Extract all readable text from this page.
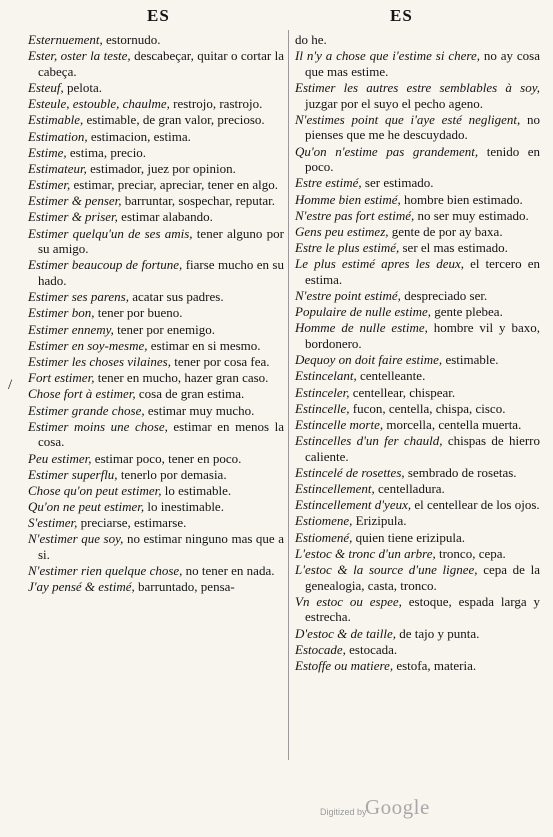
ES	ES
/

Esternuement, estornudo.

Ester, oster la teste, descabeçar, quitar o cortar la cabeça.

Esteuf, pelota.

Esteule, estouble, chaulme, restrojo, rastrojo.

Estimable, estimable, de gran valor, precioso.

Estimation, estimacion, estima.

Estime, estima, precio.

Estimateur, estimador, juez por opinion.

Estimer, estimar, preciar, apreciar, tener en algo.

Estimer & penser, barruntar, sospechar, reputar.

Estimer & priser, estimar alabando.

Estimer quelqu'un de ses amis, tener alguno por su amigo.

Estimer beaucoup de fortune, fiarse mucho en su hado.

Estimer ses parens, acatar sus padres.

Estimer bon, tener por bueno.

Estimer ennemy, tener por enemigo.

Estimer en soy-mesme, estimar en si mesmo.

Estimer les choses vilaines, tener por cosa fea.

Fort estimer, tener en mucho, hazer gran caso.

Chose fort à estimer, cosa de gran estima.

Estimer grande chose, estimar muy mucho.

Estimer moins une chose, estimar en menos la cosa.

Peu estimer, estimar poco, tener en poco.

Estimer superflu, tenerlo por demasia.

Chose qu'on peut estimer, lo estimable.

Qu'on ne peut estimer, lo inestimable.

S'estimer, preciarse, estimarse.

N'estimer que soy, no estimar ninguno mas que a si.

N'estimer rien quelque chose, no tener en nada.

J'ay pensé & estimé, barruntado, pensa-

do he.

Il n'y a chose que i'estime si chere, no ay cosa que mas estime.

Estimer les autres estre semblables à soy, juzgar por el suyo el pecho ageno.

N'estimes point que i'aye esté negligent, no pienses que me he descuydado.

Qu'on n'estime pas grandement, tenido en poco.

Estre estimé, ser estimado.

Homme bien estimé, hombre bien estimado.

N'estre pas fort estimé, no ser muy estimado.

Gens peu estimez, gente de por ay baxa.

Estre le plus estimé, ser el mas estimado.

Le plus estimé apres les deux, el tercero en estima.

N'estre point estimé, despreciado ser.

Populaire de nulle estime, gente plebea.

Homme de nulle estime, hombre vil y baxo, bordonero.

Dequoy on doit faire estime, estimable.

Estincelant, centelleante.

Estinceler, centellear, chispear.

Estincelle, fucon, centella, chispa, cisco.

Estincelle morte, morcella, centella muerta.

Estincelles d'un fer chauld, chispas de hierro caliente.

Estincelé de rosettes, sembrado de rosetas.

Estincellement, centelladura.

Estincellement d'yeux, el centellear de los ojos.

Estiomene, Erizipula.

Estiomené, quien tiene erizipula.

L'estoc & tronc d'un arbre, tronco, cepa.

L'estoc & la source d'une lignee, cepa de la genealogia, casta, tronco.

Vn estoc ou espee, estoque, espada larga y estrecha.

D'estoc & de taille, de tajo y punta.

Estocade, estocada.

Estoffe ou matiere, estofa, materia.

Digitized by
Google
